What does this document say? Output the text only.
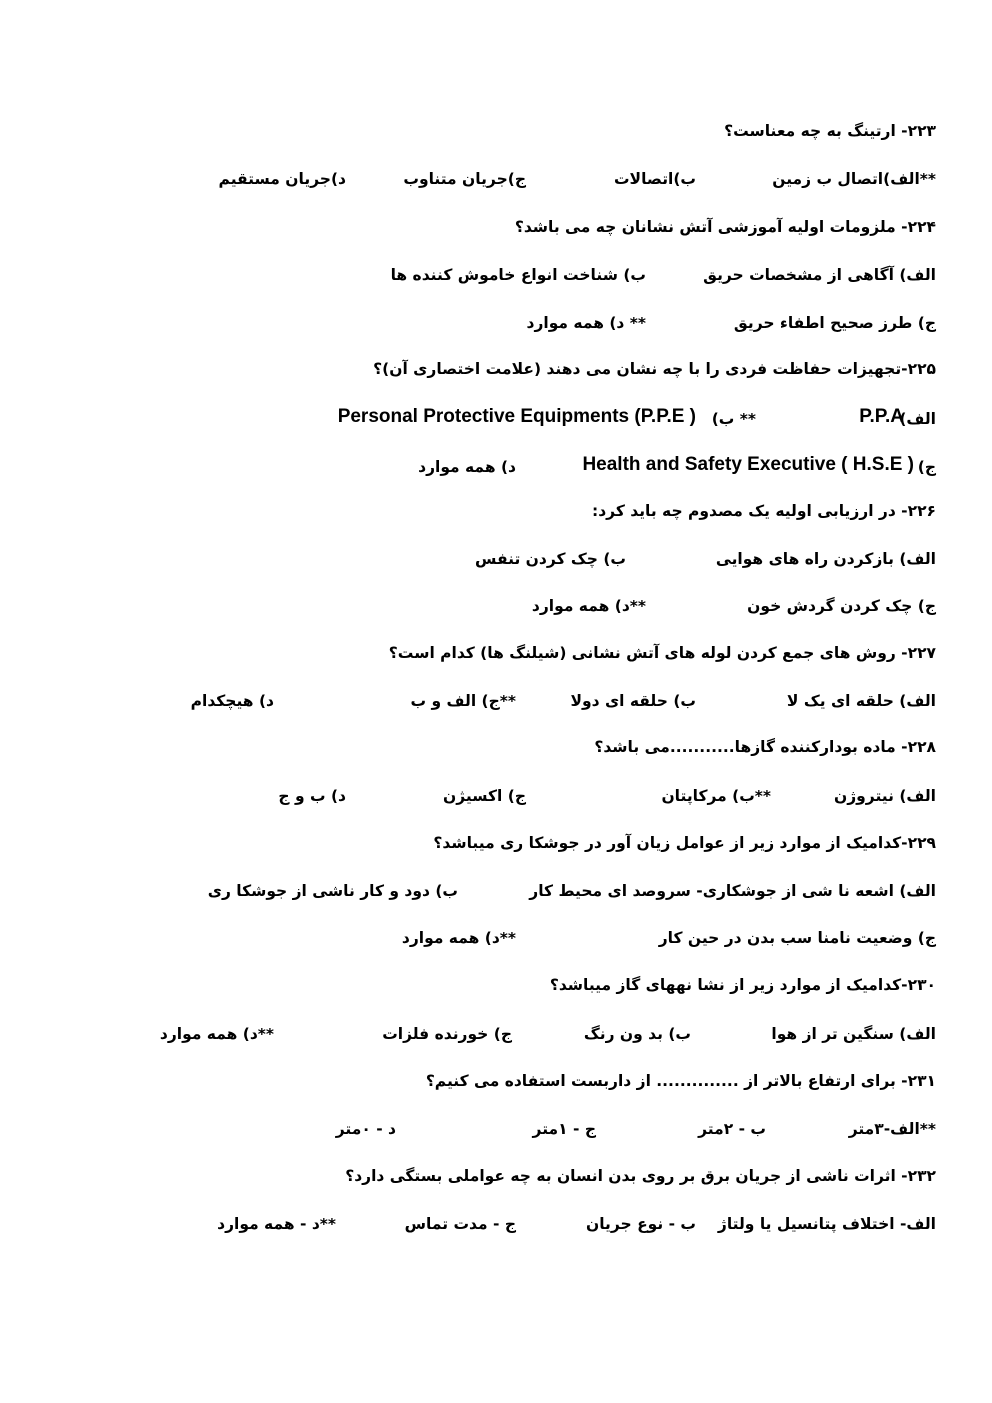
۲۲۳- ارتینگ به چه معناست؟
**الف)اتصال ب زمین
ب)اتصالات
ج)جریان متناوب
د)جریان مستقیم
۲۲۴- ملزومات اولیه آموزشی آتش نشانان چه می باشد؟
الف) آگاهی از مشخصات حریق
ب) شناخت انواع خاموش کننده ها
ج) طرز صحیح اطفاء حریق
** د) همه موارد
۲۲۵-تجهیزات حفاظت فردی را با چه نشان می دهند (علامت اختصاری آن)؟
الف)
P.P.A
** ب)
Personal Protective Equipments (P.P.E )
ج)
Health and Safety Executive ( H.S.E )
د) همه موارد
۲۲۶- در ارزیابی اولیه یک مصدوم چه باید کرد:
الف) بازکردن راه های هوایی
ب) چک کردن تنفس
ج) چک کردن گردش خون
**د) همه موارد
۲۲۷- روش های جمع کردن لوله های آتش نشانی (شیلنگ ها) کدام است؟
الف) حلقه ای یک لا
ب) حلقه ای دولا
**ج) الف و ب
د) هیچکدام
۲۲۸- ماده بودارکننده گازها...........می باشد؟
الف) نیتروژن
**ب) مرکاپتان
ج) اکسیژن
د) ب و ج
۲۲۹-کدامیک از موارد زیر از عوامل زیان آور در جوشکا ری میباشد؟
الف) اشعه نا شی از جوشکاری- سروصد ای محیط کار
ب) دود و کار ناشی از جوشکا ری
ج) وضعیت نامنا سب بدن در حین کار
**د) همه موارد
۲۳۰-کدامیک از موارد زیر از نشا نههای گاز میباشد؟
الف) سنگین تر از هوا
ب) بد ون رنگ
ج) خورنده فلزات
**د) همه موارد
۲۳۱- برای ارتفاع بالاتر از .............. از داربست استفاده می کنیم؟
**الف-۳متر
ب - ۲متر
ج - ۱متر
د - ۰متر
۲۳۲- اثرات ناشی از جریان برق بر روی بدن انسان به چه عواملی بستگی دارد؟
الف- اختلاف پتانسیل یا ولتاژ
ب - نوع جریان
ج - مدت تماس
**د - همه موارد
